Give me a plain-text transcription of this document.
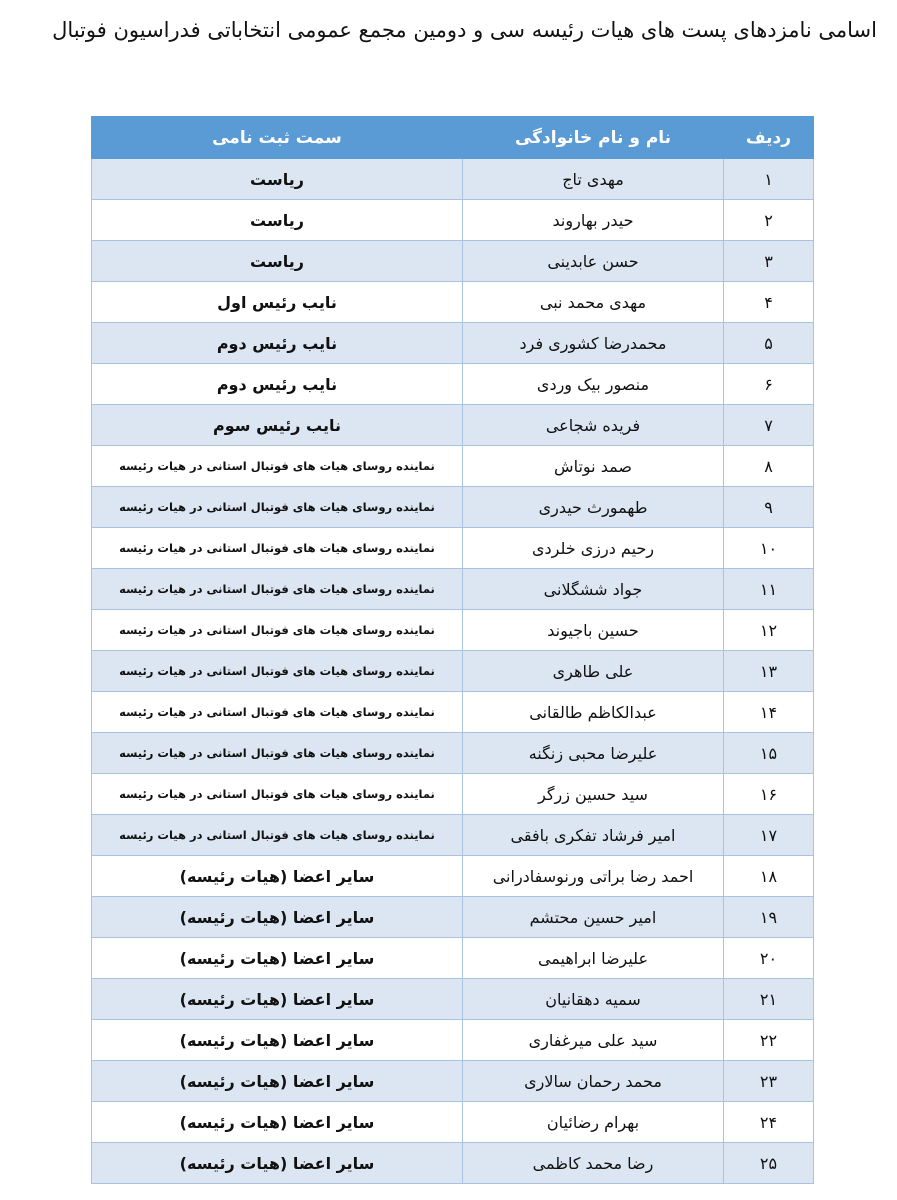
اسامی نامزدهای پست های هیات رئیسه سی و دومین مجمع عمومی انتخاباتی فدراسیون فوتبال
ردیف	نام و نام خانوادگی	سمت ثبت نامی
۱	مهدی تاج	ریاست
۲	حیدر بهاروند	ریاست
۳	حسن عابدینی	ریاست
۴	مهدی محمد نبی	نایب رئیس اول
۵	محمدرضا کشوری فرد	نایب رئیس دوم
۶	منصور بیک وردی	نایب رئیس دوم
۷	فریده شجاعی	نایب رئیس سوم
۸	صمد نوتاش	نماینده روسای هیات های فوتبال استانی در هیات رئیسه
۹	طهمورث حیدری	نماینده روسای هیات های فوتبال استانی در هیات رئیسه
۱۰	رحیم درزی خلردی	نماینده روسای هیات های فوتبال استانی در هیات رئیسه
۱۱	جواد ششگلانی	نماینده روسای هیات های فوتبال استانی در هیات رئیسه
۱۲	حسین باجیوند	نماینده روسای هیات های فوتبال استانی در هیات رئیسه
۱۳	علی طاهری	نماینده روسای هیات های فوتبال استانی در هیات رئیسه
۱۴	عبدالکاظم طالقانی	نماینده روسای هیات های فوتبال استانی در هیات رئیسه
۱۵	علیرضا محبی زنگنه	نماینده روسای هیات های فوتبال استانی در هیات رئیسه
۱۶	سید حسین زرگر	نماینده روسای هیات های فوتبال استانی در هیات رئیسه
۱۷	امیر فرشاد تفکری بافقی	نماینده روسای هیات های فوتبال استانی در هیات رئیسه
۱۸	احمد رضا براتی ورنوسفادرانی	سایر اعضا (هیات رئیسه)
۱۹	امیر حسین محتشم	سایر اعضا (هیات رئیسه)
۲۰	علیرضا ابراهیمی	سایر اعضا (هیات رئیسه)
۲۱	سمیه دهقانیان	سایر اعضا (هیات رئیسه)
۲۲	سید علی میرغفاری	سایر اعضا (هیات رئیسه)
۲۳	محمد رحمان سالاری	سایر اعضا (هیات رئیسه)
۲۴	بهرام رضائیان	سایر اعضا (هیات رئیسه)
۲۵	رضا محمد کاظمی	سایر اعضا (هیات رئیسه)
